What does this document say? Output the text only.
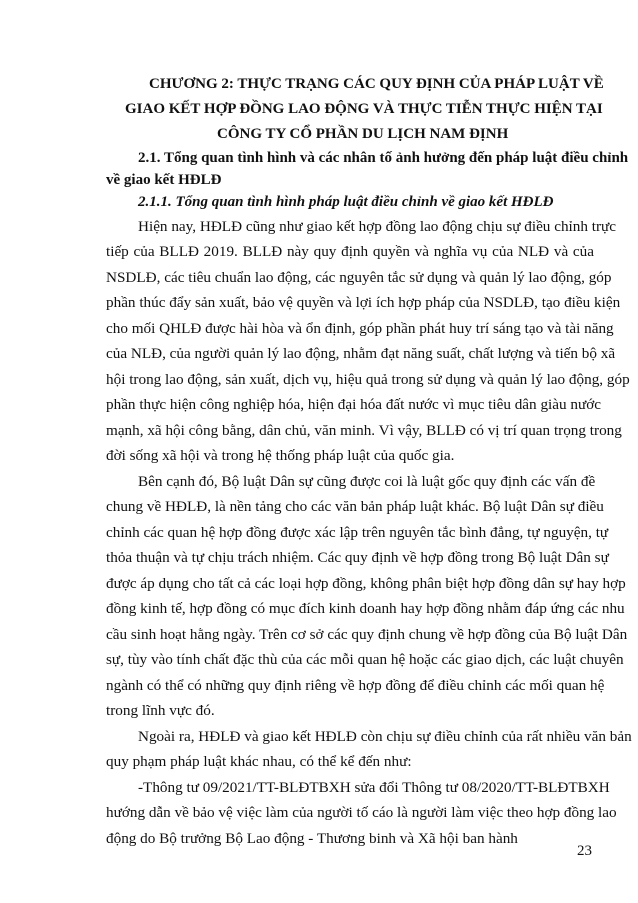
CHƯƠNG 2: THỰC TRẠNG CÁC QUY ĐỊNH CỦA PHÁP LUẬT VỀ
GIAO KẾT HỢP ĐỒNG LAO ĐỘNG VÀ THỰC TIỄN THỰC HIỆN TẠI
CÔNG TY CỔ PHẦN DU LỊCH NAM ĐỊNH
2.1. Tổng quan tình hình và các nhân tố ảnh hưởng đến pháp luật điều chỉnh
về giao kết HĐLĐ
2.1.1. Tổng quan tình hình pháp luật điều chỉnh về giao kết HĐLĐ
Hiện nay, HĐLĐ cũng như giao kết hợp đồng lao động chịu sự điều chỉnh trực
tiếp của BLLĐ 2019. BLLĐ này quy định quyền và nghĩa vụ của NLĐ và của
NSDLĐ, các tiêu chuẩn lao động, các nguyên tắc sử dụng và quản lý lao động, góp
phần thúc đẩy sản xuất, bảo vệ quyền và lợi ích hợp pháp của NSDLĐ, tạo điều kiện
cho mối QHLĐ được hài hòa và ổn định, góp phần phát huy trí sáng tạo và tài năng
của NLĐ, của người quản lý lao động, nhằm đạt năng suất, chất lượng và tiến bộ xã
hội trong lao động, sản xuất, dịch vụ, hiệu quả trong sử dụng và quản lý lao động, góp
phần thực hiện công nghiệp hóa, hiện đại hóa đất nước vì mục tiêu dân giàu nước
mạnh, xã hội công bằng, dân chủ, văn minh. Vì vậy, BLLĐ có vị trí quan trọng trong
đời sống xã hội và trong hệ thống pháp luật của quốc gia.
Bên cạnh đó, Bộ luật Dân sự cũng được coi là luật gốc quy định các vấn đề
chung về HĐLĐ, là nền tảng cho các văn bản pháp luật khác. Bộ luật Dân sự điều
chỉnh các quan hệ hợp đồng được xác lập trên nguyên tắc bình đẳng, tự nguyện, tự
thỏa thuận và tự chịu trách nhiệm. Các quy định về hợp đồng trong Bộ luật Dân sự
được áp dụng cho tất cả các loại hợp đồng, không phân biệt hợp đồng dân sự hay hợp
đồng kinh tế, hợp đồng có mục đích kinh doanh hay hợp đồng nhằm đáp ứng các nhu
cầu sinh hoạt hằng ngày. Trên cơ sở các quy định chung về hợp đồng của Bộ luật Dân
sự, tùy vào tính chất đặc thù của các mỗi quan hệ hoặc các giao dịch, các luật chuyên
ngành có thể có những quy định riêng về hợp đồng để điều chỉnh các mối quan hệ
trong lĩnh vực đó.
Ngoài ra, HĐLĐ và giao kết HĐLĐ còn chịu sự điều chỉnh của rất nhiều văn bản
quy phạm pháp luật khác nhau, có thể kể đến như:
-Thông tư 09/2021/TT-BLĐTBXH sửa đổi Thông tư 08/2020/TT-BLĐTBXH
hướng dẫn về bảo vệ việc làm của người tố cáo là người làm việc theo hợp đồng lao
động do Bộ trưởng Bộ Lao động - Thương binh và Xã hội ban hành
23
